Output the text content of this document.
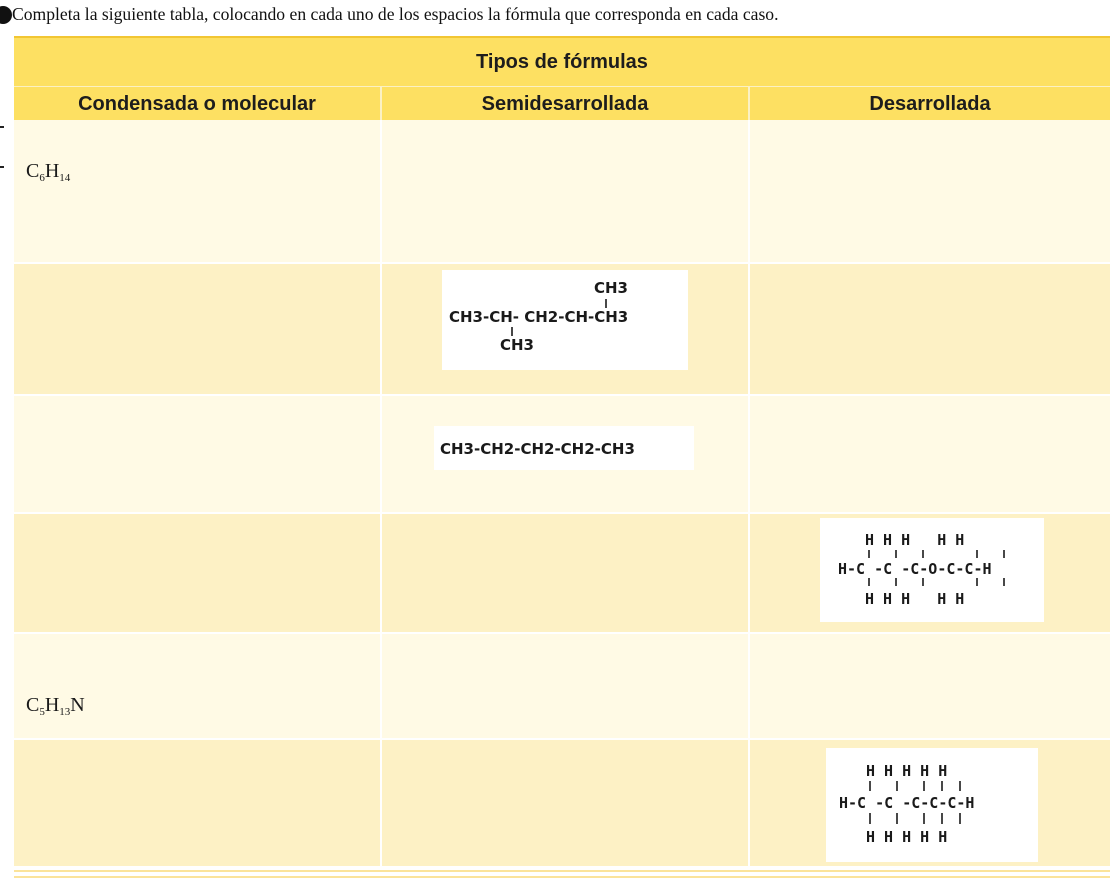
Completa la siguiente tabla, colocando en cada uno de los espacios la fórmula que corresponda en cada caso.

Tipos de fórmulas
Condensada o molecular	Semidesarrollada	Desarrollada
$C_6H_{14}$
CH3
CH3-CH- CH2-CH-CH3
CH3
CH3-CH2-CH2-CH2-CH3
H H H   H H
H-C -C -C-O-C-C-H
H H H   H H
$C_5H_{13}N$
H H H H H
H-C -C -C-C-C-H
H H H H H
